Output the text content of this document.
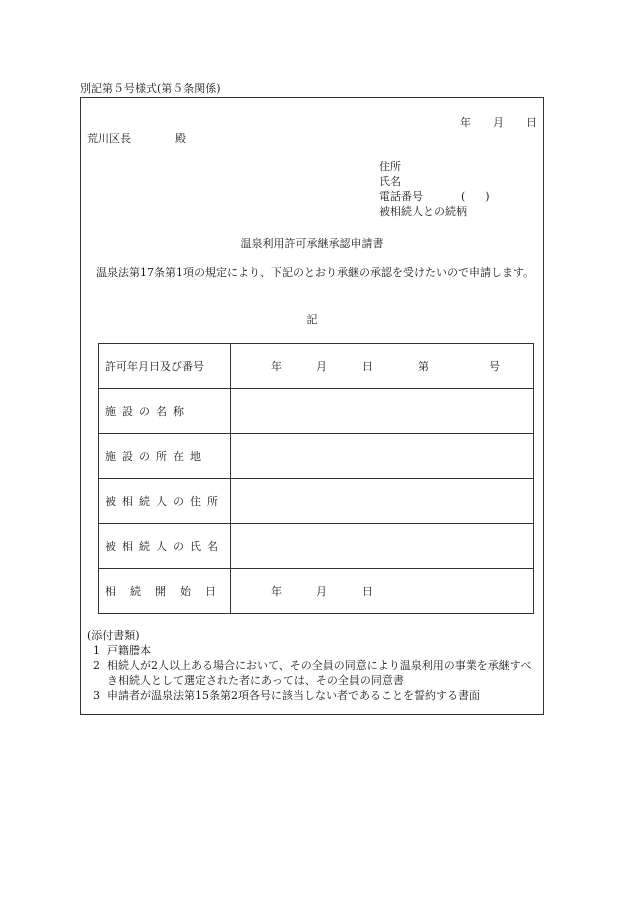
別記第５号様式(第５条関係)
年 月 日
荒川区長	殿
住所
氏名
電話番号	( )
被相続人との続柄
温泉利用許可承継承認申請書
温泉法第17条第1項の規定により、下記のとおり承継の承認を受けたいので申請します。
記
許可年月日及び番号	年 月 日 第 号
施設の名称	
施設の所在地	
被相続人の住所	
被相続人の氏名	
相続開始日	年 月 日
(添付書類)
1 戸籍謄本
2 相続人が2人以上ある場合において、その全員の同意により温泉利用の事業を承継すべき相続人として選定された者にあっては、その全員の同意書
3 申請者が温泉法第15条第2項各号に該当しない者であることを誓約する書面
